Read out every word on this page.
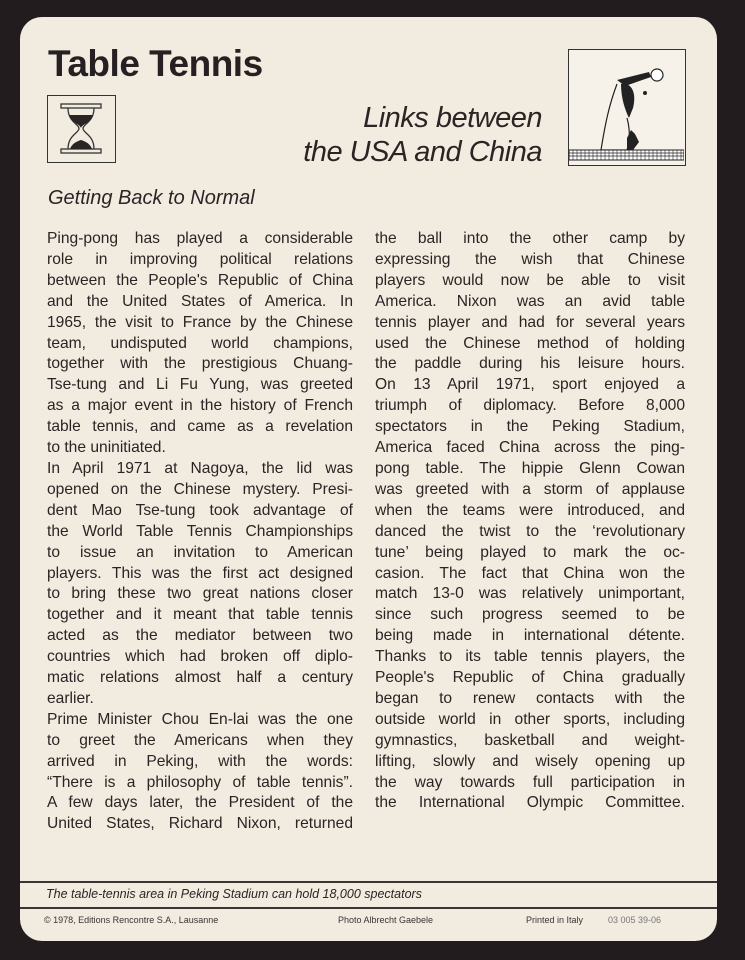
Table Tennis
Links between
the USA and China
Getting Back to Normal
Ping-pong has played a considerable
role in improving political relations
between the People's Republic of China
and the United States of America. In
1965, the visit to France by the Chinese
team, undisputed world champions,
together with the prestigious Chuang-
Tse-tung and Li Fu Yung, was greeted
as a major event in the history of French
table tennis, and came as a revelation
to the uninitiated.
In April 1971 at Nagoya, the lid was
opened on the Chinese mystery. Presi-
dent Mao Tse-tung took advantage of
the World Table Tennis Championships
to issue an invitation to American
players. This was the first act designed
to bring these two great nations closer
together and it meant that table tennis
acted as the mediator between two
countries which had broken off diplo-
matic relations almost half a century
earlier.
Prime Minister Chou En-lai was the one
to greet the Americans when they
arrived in Peking, with the words:
“There is a philosophy of table tennis”.
A few days later, the President of the
United States, Richard Nixon, returned
the ball into the other camp by
expressing the wish that Chinese
players would now be able to visit
America. Nixon was an avid table
tennis player and had for several years
used the Chinese method of holding
the paddle during his leisure hours.
On 13 April 1971, sport enjoyed a
triumph of diplomacy. Before 8,000
spectators in the Peking Stadium,
America faced China across the ping-
pong table. The hippie Glenn Cowan
was greeted with a storm of applause
when the teams were introduced, and
danced the twist to the ‘revolutionary
tune’ being played to mark the oc-
casion. The fact that China won the
match 13-0 was relatively unimportant,
since such progress seemed to be
being made in international détente.
Thanks to its table tennis players, the
People's Republic of China gradually
began to renew contacts with the
outside world in other sports, including
gymnastics, basketball and weight-
lifting, slowly and wisely opening up
the way towards full participation in
the International Olympic Committee.
The table-tennis area in Peking Stadium can hold 18,000 spectators
© 1978, Editions Rencontre S.A., Lausanne	Photo Albrecht Gaebele	Printed in Italy	03 005 39-06
